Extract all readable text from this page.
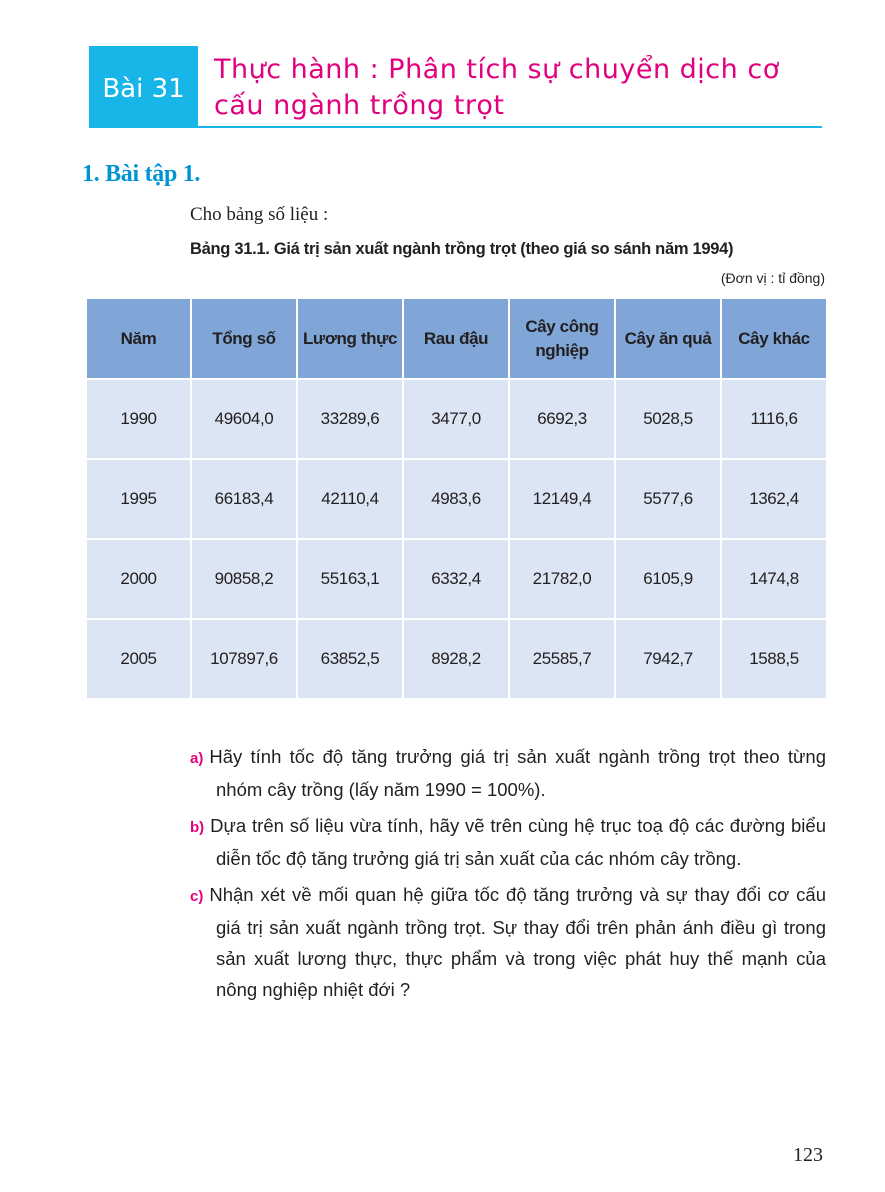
Bài 31
Thực hành : Phân tích sự chuyển dịch cơ cấu ngành trồng trọt
1. Bài tập 1.
Cho bảng số liệu :
Bảng 31.1. Giá trị sản xuất ngành trồng trọt (theo giá so sánh năm 1994)
(Đơn vị : tỉ đồng)
Năm	Tổng số	Lương thực	Rau đậu	Cây công nghiệp	Cây ăn quả	Cây khác
1990	49604,0	33289,6	3477,0	6692,3	5028,5	1116,6
1995	66183,4	42110,4	4983,6	12149,4	5577,6	1362,4
2000	90858,2	55163,1	6332,4	21782,0	6105,9	1474,8
2005	107897,6	63852,5	8928,2	25585,7	7942,7	1588,5

a) Hãy tính tốc độ tăng trưởng giá trị sản xuất ngành trồng trọt theo từng nhóm cây trồng (lấy năm 1990 = 100%).

b) Dựa trên số liệu vừa tính, hãy vẽ trên cùng hệ trục toạ độ các đường biểu diễn tốc độ tăng trưởng giá trị sản xuất của các nhóm cây trồng.

c) Nhận xét về mối quan hệ giữa tốc độ tăng trưởng và sự thay đổi cơ cấu giá trị sản xuất ngành trồng trọt. Sự thay đổi trên phản ánh điều gì trong sản xuất lương thực, thực phẩm và trong việc phát huy thế mạnh của nông nghiệp nhiệt đới ?

123
